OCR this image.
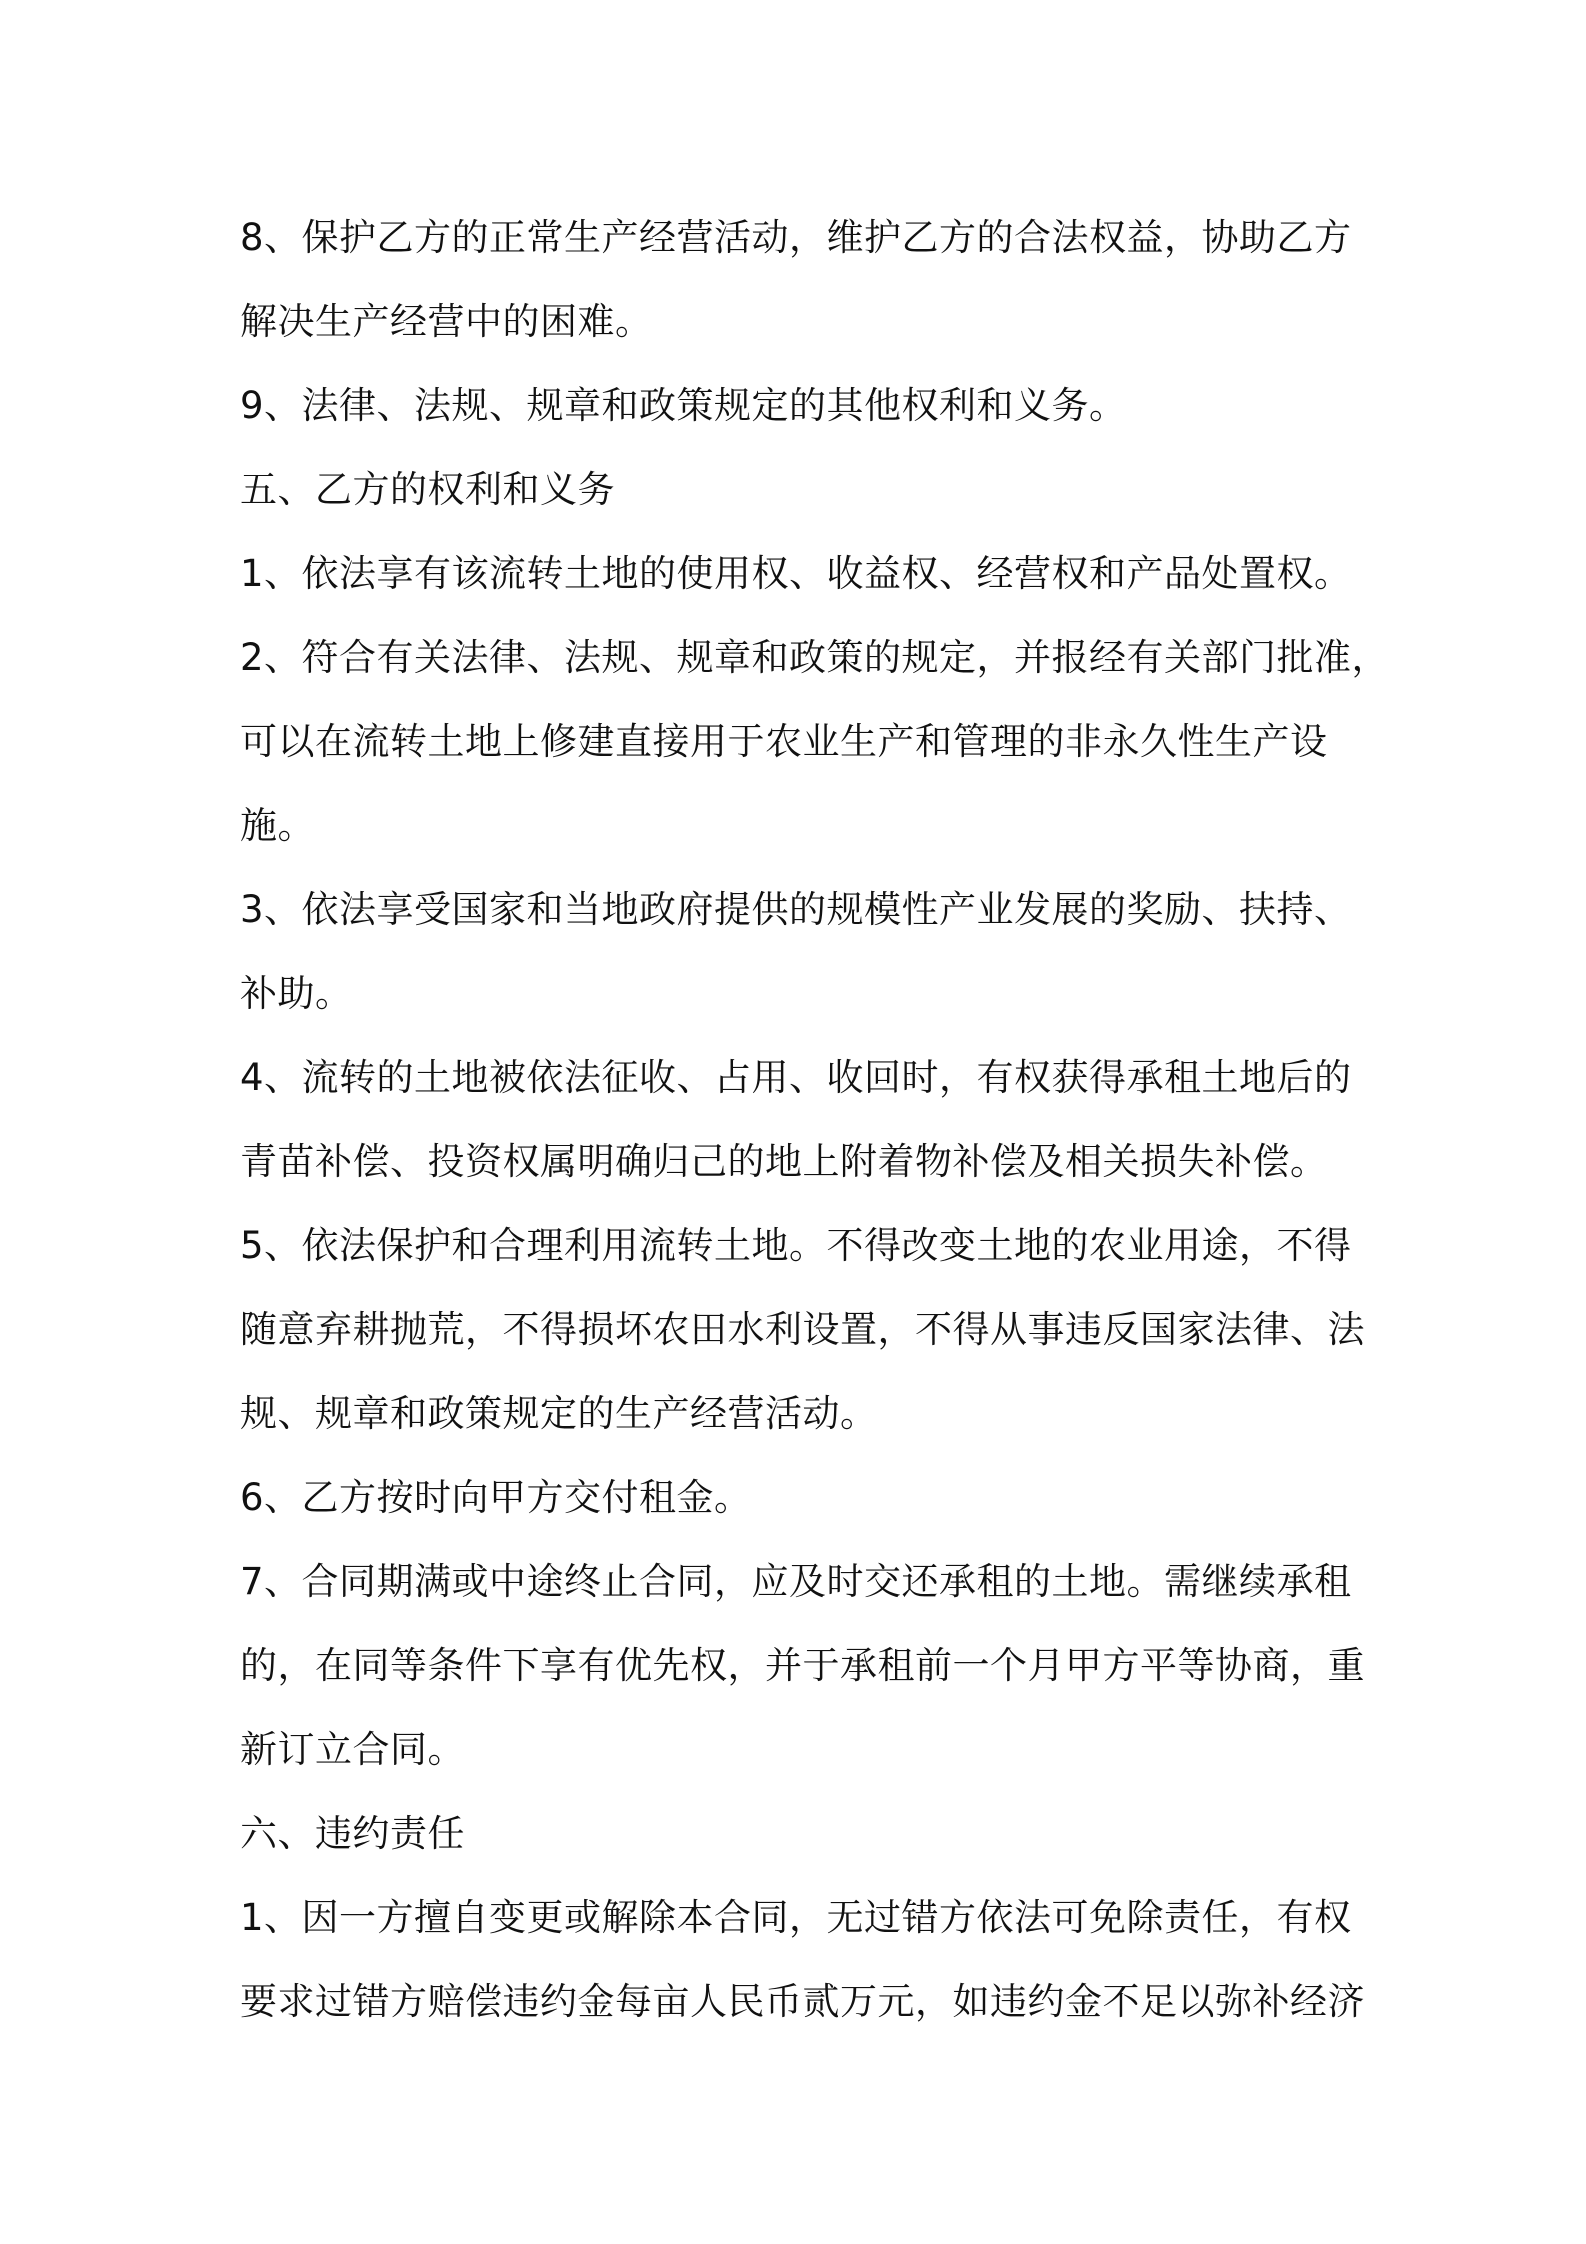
8、保护乙方的正常生产经营活动，维护乙方的合法权益，协助乙方
解决生产经营中的困难。
9、法律、法规、规章和政策规定的其他权利和义务。
五、乙方的权利和义务
1、依法享有该流转土地的使用权、收益权、经营权和产品处置权。
2、符合有关法律、法规、规章和政策的规定，并报经有关部门批准，
可以在流转土地上修建直接用于农业生产和管理的非永久性生产设
施。
3、依法享受国家和当地政府提供的规模性产业发展的奖励、扶持、
补助。
4、流转的土地被依法征收、占用、收回时，有权获得承租土地后的
青苗补偿、投资权属明确归己的地上附着物补偿及相关损失补偿。
5、依法保护和合理利用流转土地。不得改变土地的农业用途，不得
随意弃耕抛荒，不得损坏农田水利设置，不得从事违反国家法律、法
规、规章和政策规定的生产经营活动。
6、乙方按时向甲方交付租金。
7、合同期满或中途终止合同，应及时交还承租的土地。需继续承租
的，在同等条件下享有优先权，并于承租前一个月甲方平等协商，重
新订立合同。
六、违约责任
1、因一方擅自变更或解除本合同，无过错方依法可免除责任，有权
要求过错方赔偿违约金每亩人民币贰万元，如违约金不足以弥补经济
